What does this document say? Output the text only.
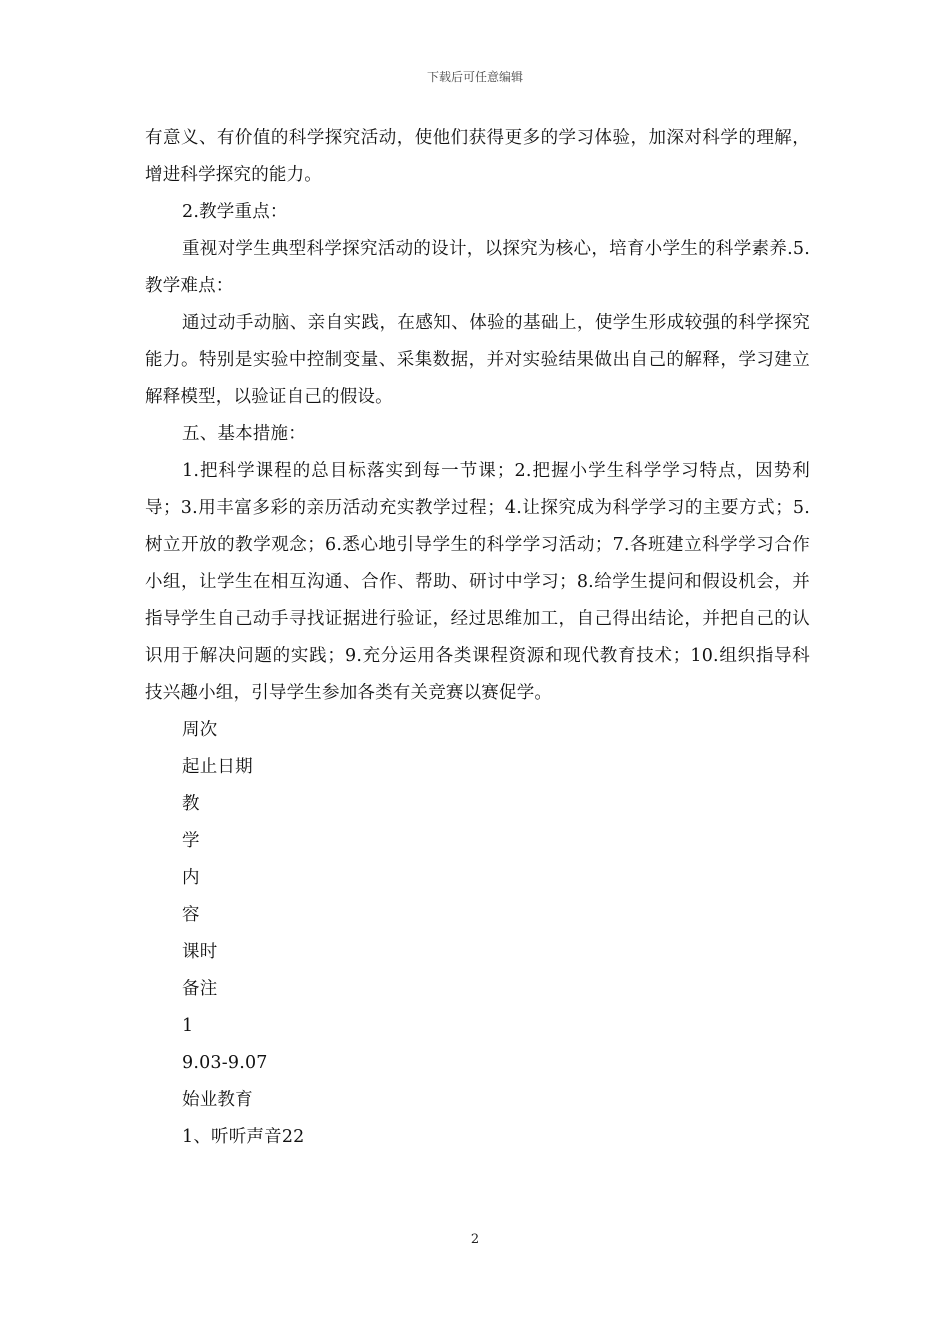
下载后可任意编辑

有意义、有价值的科学探究活动，使他们获得更多的学习体验，加深对科学的理解，增进科学探究的能力。

2.教学重点：

重视对学生典型科学探究活动的设计，以探究为核心，培育小学生的科学素养.5.教学难点：

通过动手动脑、亲自实践，在感知、体验的基础上，使学生形成较强的科学探究能力。特别是实验中控制变量、采集数据，并对实验结果做出自己的解释，学习建立解释模型，以验证自己的假设。

五、基本措施：

1.把科学课程的总目标落实到每一节课；2.把握小学生科学学习特点，因势利导；3.用丰富多彩的亲历活动充实教学过程；4.让探究成为科学学习的主要方式；5.树立开放的教学观念；6.悉心地引导学生的科学学习活动；7.各班建立科学学习合作小组，让学生在相互沟通、合作、帮助、研讨中学习；8.给学生提问和假设机会，并指导学生自己动手寻找证据进行验证，经过思维加工，自己得出结论，并把自己的认识用于解决问题的实践；9.充分运用各类课程资源和现代教育技术；10.组织指导科技兴趣小组，引导学生参加各类有关竞赛以赛促学。

周次
起止日期
教
学
内
容
课时
备注
1
9.03-9.07
始业教育
1、听听声音22
2
